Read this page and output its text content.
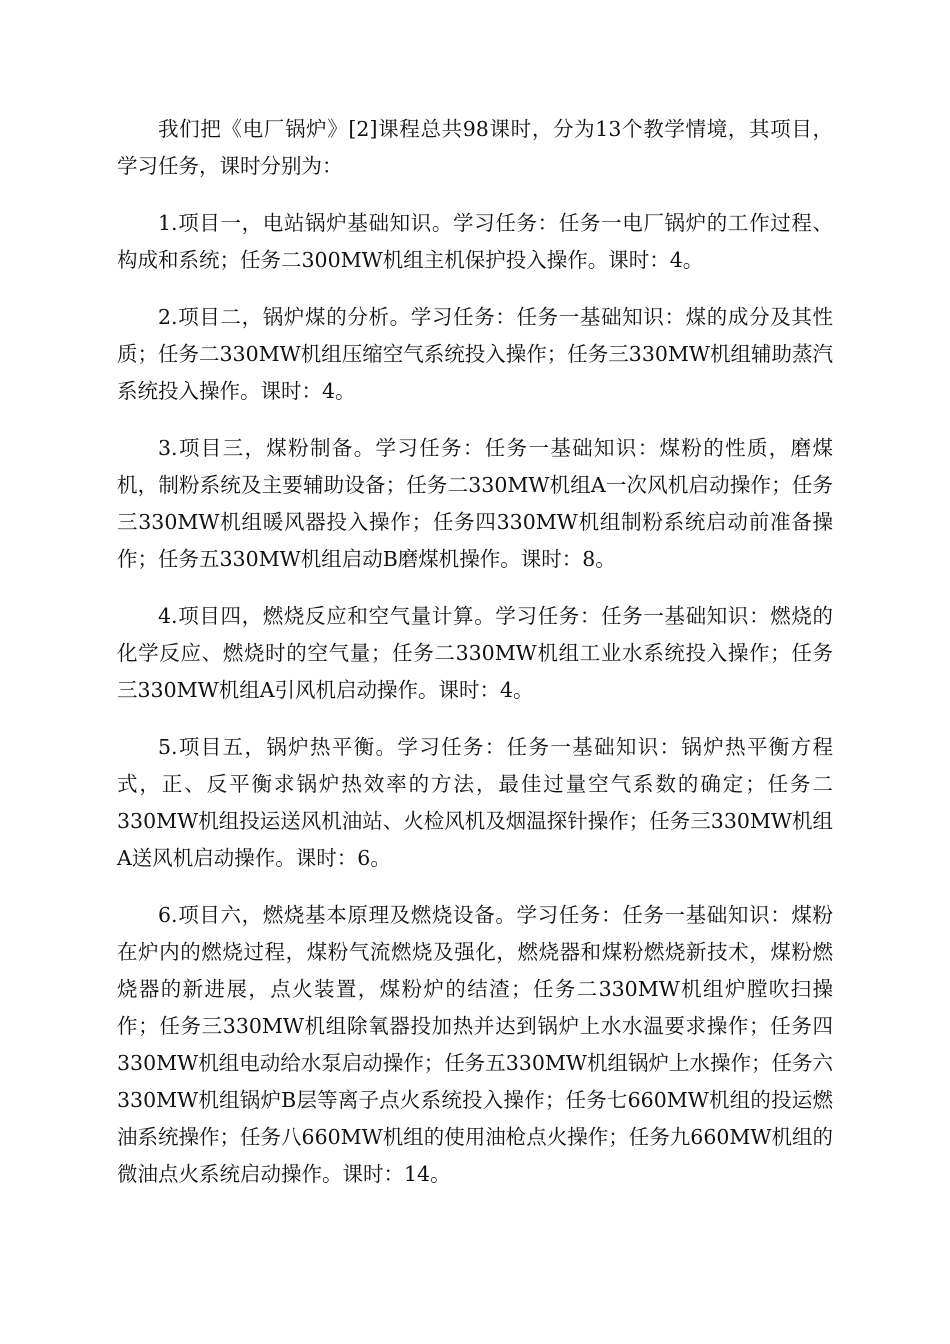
我们把《电厂锅炉》[2]课程总共98课时，分为13个教学情境，其项目，学习任务，课时分别为：

1.项目一，电站锅炉基础知识。学习任务：任务一电厂锅炉的工作过程、构成和系统；任务二300MW机组主机保护投入操作。课时：4。

2.项目二，锅炉煤的分析。学习任务：任务一基础知识：煤的成分及其性质；任务二330MW机组压缩空气系统投入操作；任务三330MW机组辅助蒸汽系统投入操作。课时：4。

3.项目三，煤粉制备。学习任务：任务一基础知识：煤粉的性质，磨煤机，制粉系统及主要辅助设备；任务二330MW机组A一次风机启动操作；任务三330MW机组暖风器投入操作；任务四330MW机组制粉系统启动前准备操作；任务五330MW机组启动B磨煤机操作。课时：8。

4.项目四，燃烧反应和空气量计算。学习任务：任务一基础知识：燃烧的化学反应、燃烧时的空气量；任务二330MW机组工业水系统投入操作；任务三330MW机组A引风机启动操作。课时：4。

5.项目五，锅炉热平衡。学习任务：任务一基础知识：锅炉热平衡方程式，正、反平衡求锅炉热效率的方法，最佳过量空气系数的确定；任务二330MW机组投运送风机油站、火检风机及烟温探针操作；任务三330MW机组A送风机启动操作。课时：6。

6.项目六，燃烧基本原理及燃烧设备。学习任务：任务一基础知识：煤粉在炉内的燃烧过程，煤粉气流燃烧及强化，燃烧器和煤粉燃烧新技术，煤粉燃烧器的新进展，点火装置，煤粉炉的结渣；任务二330MW机组炉膛吹扫操作；任务三330MW机组除氧器投加热并达到锅炉上水水温要求操作；任务四330MW机组电动给水泵启动操作；任务五330MW机组锅炉上水操作；任务六330MW机组锅炉B层等离子点火系统投入操作；任务七660MW机组的投运燃油系统操作；任务八660MW机组的使用油枪点火操作；任务九660MW机组的微油点火系统启动操作。课时：14。
